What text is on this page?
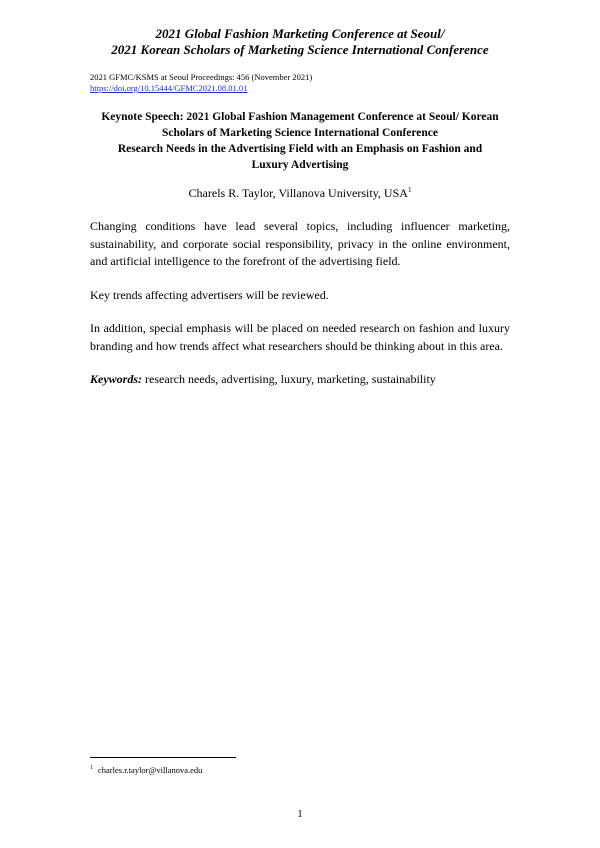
2021 Global Fashion Marketing Conference at Seoul/
2021 Korean Scholars of Marketing Science International Conference
2021 GFMC/KSMS at Seoul Proceedings: 456 (November 2021)
https://doi.org/10.15444/GFMC2021.08.01.01
Keynote Speech: 2021 Global Fashion Management Conference at Seoul/ Korean
Scholars of Marketing Science International Conference
Research Needs in the Advertising Field with an Emphasis on Fashion and
Luxury Advertising
Charels R. Taylor, Villanova University, USA$^1$

Changing conditions have lead several topics, including influencer marketing, sustainability, and corporate social responsibility, privacy in the online environment, and artificial intelligence to the forefront of the advertising field.

Key trends affecting advertisers will be reviewed.

In addition, special emphasis will be placed on needed research on fashion and luxury branding and how trends affect what researchers should be thinking about in this area.

Keywords: research needs, advertising, luxury, marketing, sustainability

$^1$ charles.r.taylor@villanova.edu
1
